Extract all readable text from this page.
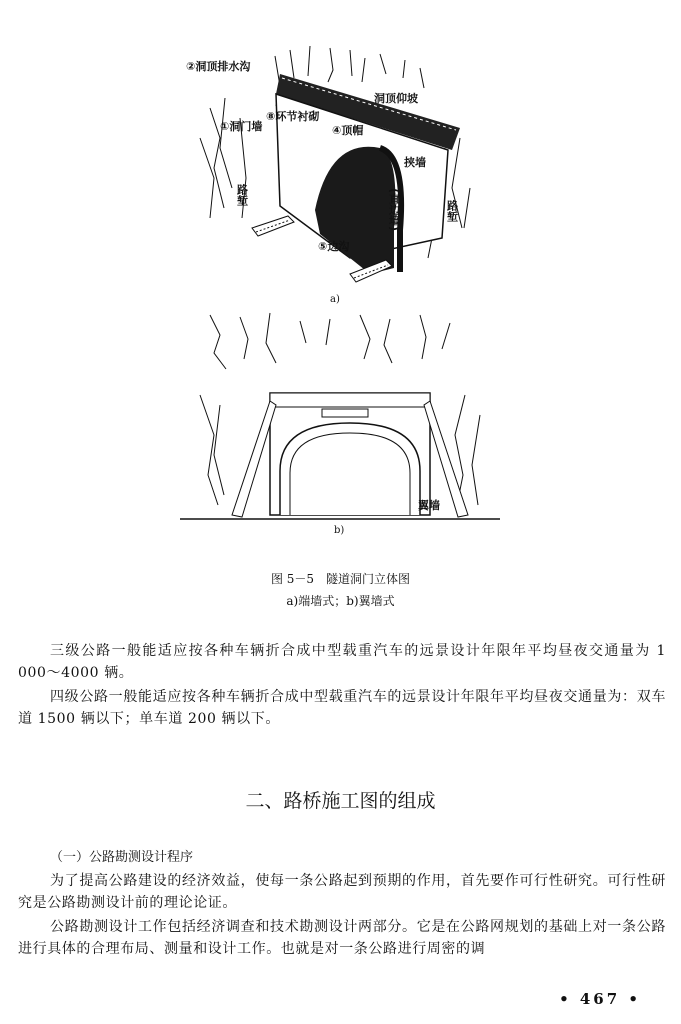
②洞顶排水沟
洞顶仰坡
⑧环节衬砌
①洞门墙	④顶帽
挟墙
(直边墙)
路堑
路堑
⑤边沟
a)
翼墙
b)
图 5－5　隧道洞门立体图
a)端墙式；b)翼墙式

三级公路一般能适应按各种车辆折合成中型载重汽车的远景设计年限年平均昼夜交通量为 1 000～4000 辆。

四级公路一般能适应按各种车辆折合成中型载重汽车的远景设计年限年平均昼夜交通量为：双车道 1500 辆以下；单车道 200 辆以下。

二、路桥施工图的组成
（一）公路勘测设计程序

为了提高公路建设的经济效益，使每一条公路起到预期的作用，首先要作可行性研究。可行性研究是公路勘测设计前的理论论证。

公路勘测设计工作包括经济调查和技术勘测设计两部分。它是在公路网规划的基础上对一条公路进行具体的合理布局、测量和设计工作。也就是对一条公路进行周密的调

• 467 •
